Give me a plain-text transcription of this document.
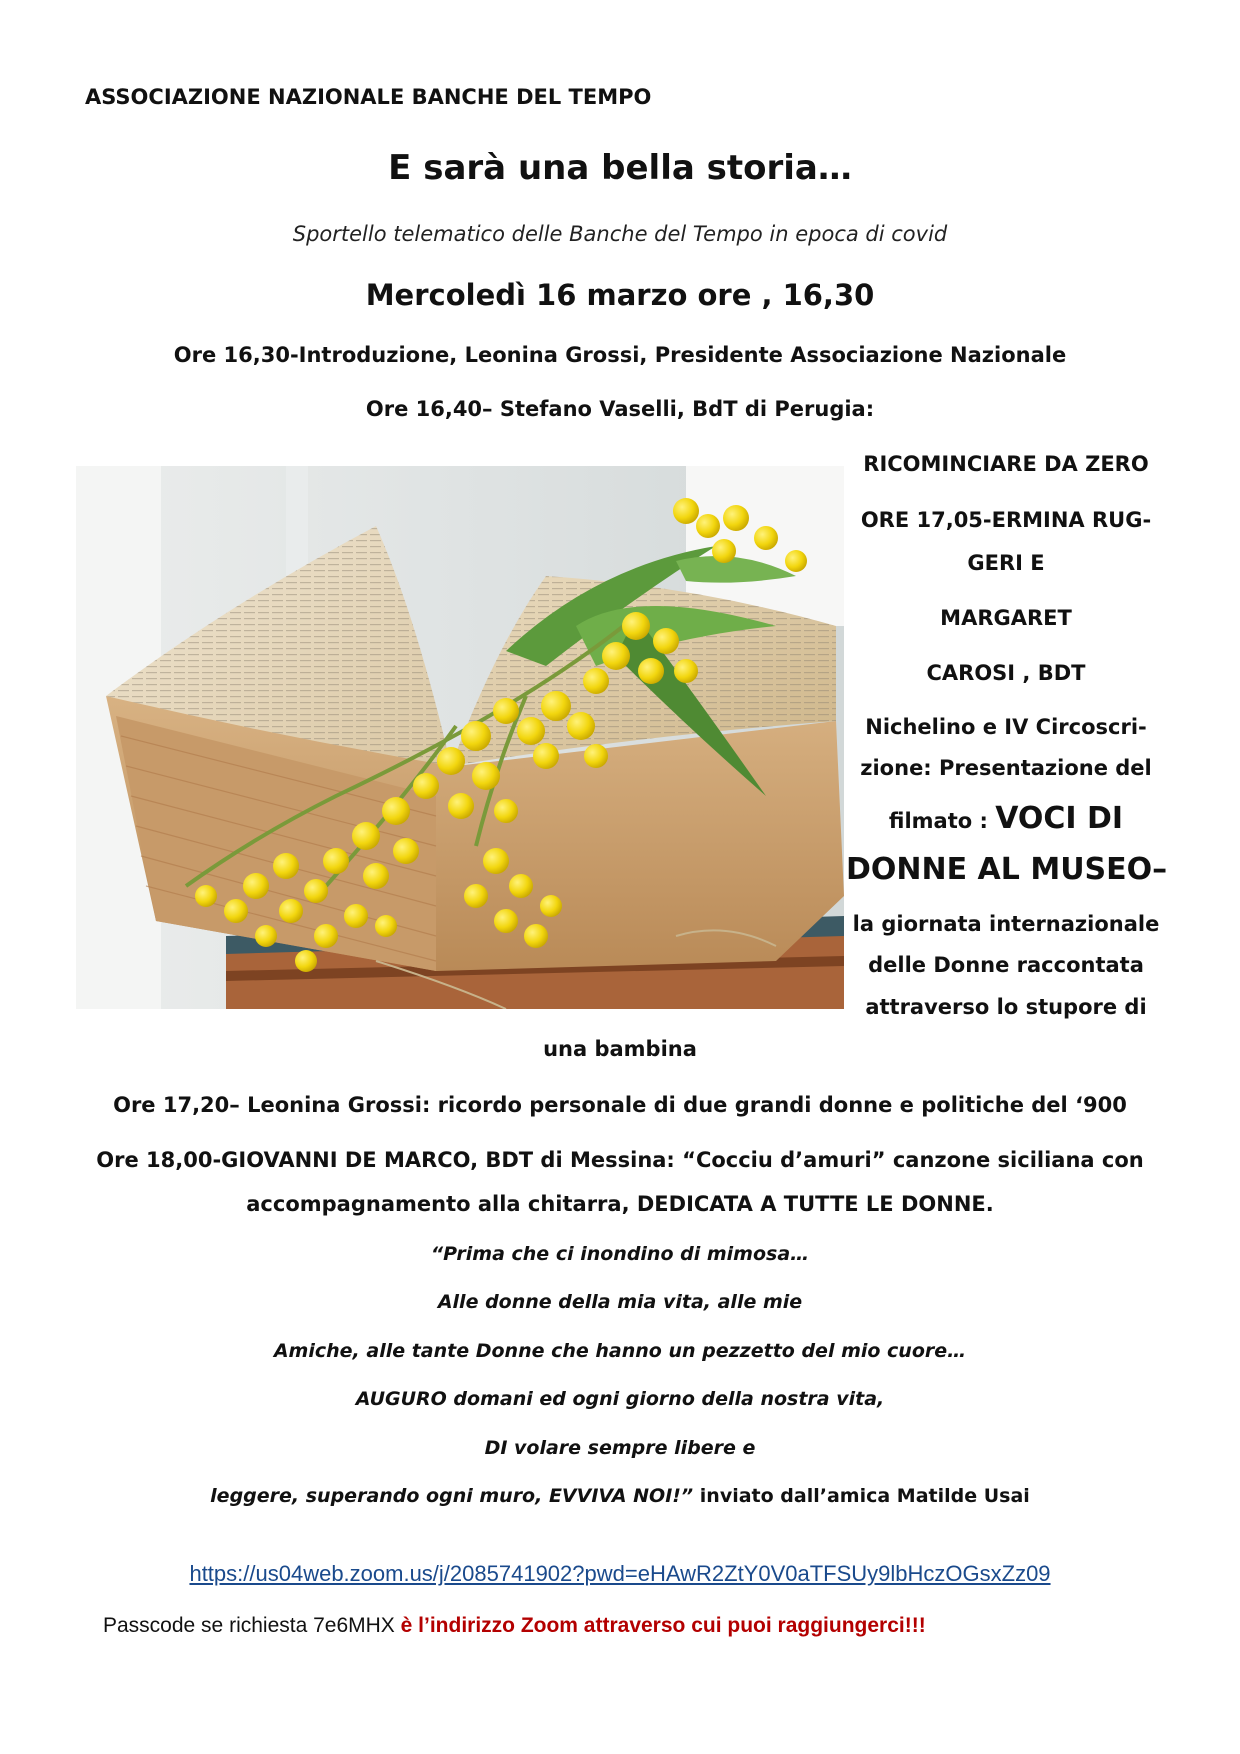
ASSOCIAZIONE NAZIONALE BANCHE DEL TEMPO
E sarà una bella storia…
Sportello telematico delle Banche del Tempo in epoca di covid
Mercoledì 16 marzo ore , 16,30
Ore 16,30-Introduzione, Leonina Grossi, Presidente Associazione Nazionale
Ore 16,40– Stefano Vaselli, BdT di Perugia:
RICOMINCIARE DA ZERO
ORE 17,05-ERMINA RUG-
GERI E
MARGARET
CAROSI , BDT
Nichelino e IV Circoscri-
zione: Presentazione del
filmato : VOCI DI
DONNE AL MUSEO–
la giornata internazionale
delle Donne raccontata
attraverso lo stupore di
una bambina
Ore 17,20– Leonina Grossi: ricordo personale di due grandi donne e politiche del ‘900
Ore 18,00-GIOVANNI DE MARCO, BDT di Messina: “Cocciu d’amuri” canzone siciliana con
accompagnamento alla chitarra, DEDICATA A TUTTE LE DONNE.
“Prima che ci inondino di mimosa…
Alle donne della mia vita, alle mie
Amiche, alle tante Donne che hanno un pezzetto del mio cuore…
AUGURO domani ed ogni giorno della nostra vita,
DI volare sempre libere e
leggere, superando ogni muro, EVVIVA NOI!” inviato dall’amica Matilde Usai
https://us04web.zoom.us/j/2085741902?pwd=eHAwR2ZtY0V0aTFSUy9lbHczOGsxZz09
Passcode se richiesta 7e6MHX è l’indirizzo Zoom attraverso cui puoi raggiungerci!!!
